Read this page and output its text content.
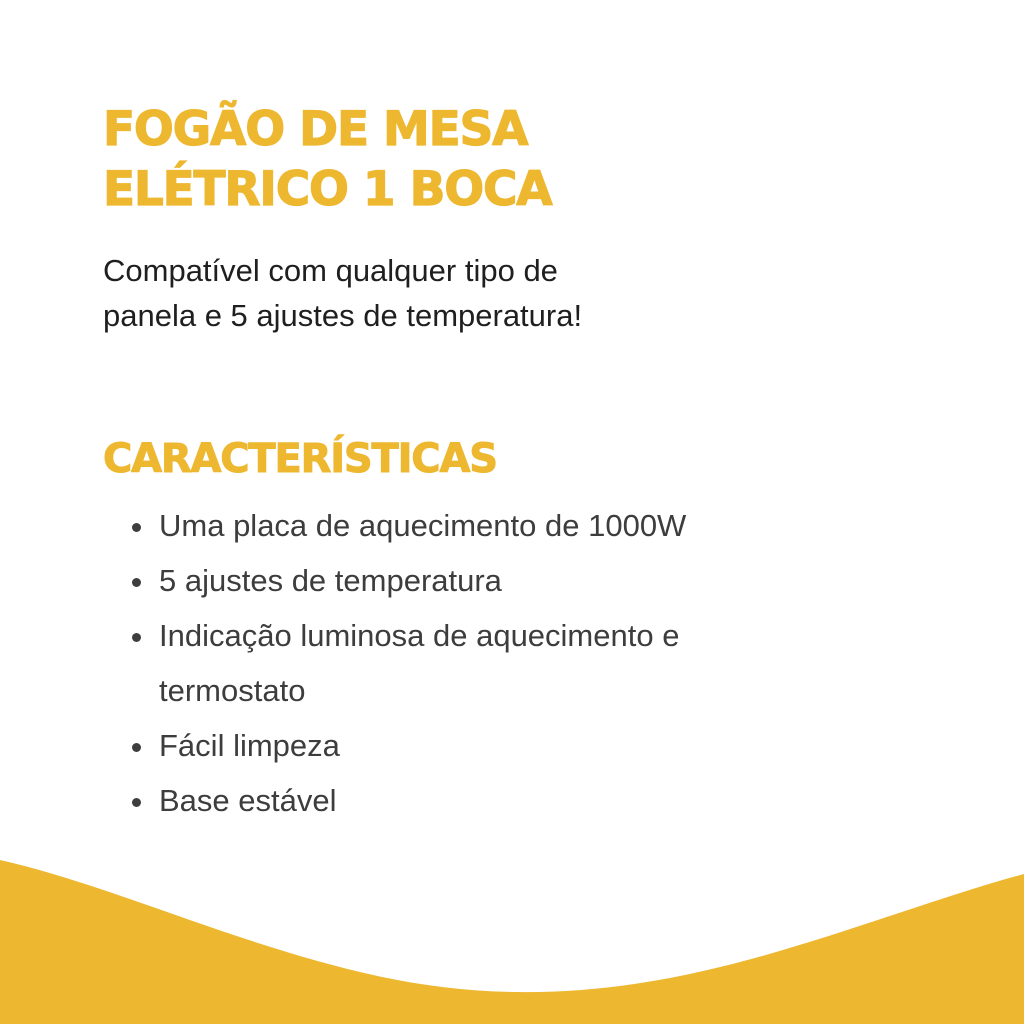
FOGÃO DE MESA
ELÉTRICO 1 BOCA

Compatível com qualquer tipo de
panela e 5 ajustes de temperatura!

CARACTERÍSTICAS
Uma placa de aquecimento de 1000W
5 ajustes de temperatura
Indicação luminosa de aquecimento e
termostato
Fácil limpeza
Base estável
